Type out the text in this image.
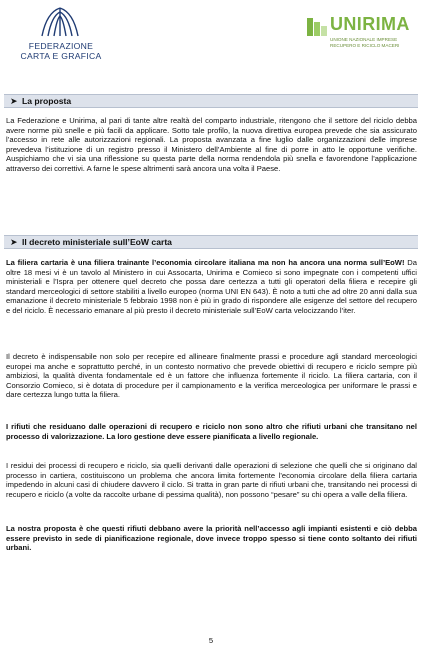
FEDERAZIONE
CARTA E GRAFICA
UNIRIMA
UNIONE NAZIONALE IMPRESE
RECUPERO E RICICLO MACERI
➤ La proposta

La Federazione e Unirima, al pari di tante altre realtà del comparto industriale, ritengono che il settore del riciclo debba avere norme più snelle e più facili da applicare. Sotto tale profilo, la nuova direttiva europea prevede che sia assicurato l’accesso in rete alle autorizzazioni regionali. La proposta avanzata a fine luglio dalle organizzazioni delle imprese prevedeva l’istituzione di un registro presso il Ministero dell’Ambiente al fine di porre in atto le opportune verifiche. Auspichiamo che vi sia una riflessione su questa parte della norma rendendola più snella e favorendone l’applicazione attraverso dei correttivi. A farne le spese altrimenti sarà ancora una volta il Paese.

➤ Il decreto ministeriale sull’EoW carta

La filiera cartaria è una filiera trainante l’economia circolare italiana ma non ha ancora una norma sull’EoW! Da oltre 18 mesi vi è un tavolo al Ministero in cui Assocarta, Unirima e Comieco si sono impegnate con i competenti uffici ministeriali e l’Ispra per ottenere quel decreto che possa dare certezza a tutti gli operatori della filiera e recepire gli standard merceologici di settore stabiliti a livello europeo (norma UNI EN 643). È noto a tutti che ad oltre 20 anni dalla sua emanazione il decreto ministeriale 5 febbraio 1998 non è più in grado di rispondere alle esigenze del settore del recupero e del riciclo. È necessario emanare al più presto il decreto ministeriale sull’EoW carta velocizzando l’iter.

Il decreto è indispensabile non solo per recepire ed allineare finalmente prassi e procedure agli standard merceologici europei ma anche e soprattutto perché, in un contesto normativo che prevede obiettivi di recupero e riciclo sempre più ambiziosi, la qualità diventa fondamentale ed è un fattore che influenza fortemente il riciclo. La filiera cartaria, con il Consorzio Comieco, si è dotata di procedure per il campionamento e la verifica merceologica per uniformare le prassi e dare certezza lungo tutta la filiera.

I rifiuti che residuano dalle operazioni di recupero e riciclo non sono altro che rifiuti urbani che transitano nel processo di valorizzazione. La loro gestione deve essere pianificata a livello regionale.

I residui dei processi di recupero e riciclo, sia quelli derivanti dalle operazioni di selezione che quelli che si originano dal processo in cartiera, costituiscono un problema che ancora limita fortemente l’economia circolare della filiera cartaria impedendo in alcuni casi di chiudere davvero il ciclo. Si tratta in gran parte di rifiuti urbani che, transitando nei processi di recupero e riciclo (a volte da raccolte urbane di pessima qualità), non possono “pesare” su chi opera a valle della filiera.

La nostra proposta è che questi rifiuti debbano avere la priorità nell’accesso agli impianti esistenti e ciò debba essere previsto in sede di pianificazione regionale, dove invece troppo spesso si tiene conto soltanto dei rifiuti urbani.

5
